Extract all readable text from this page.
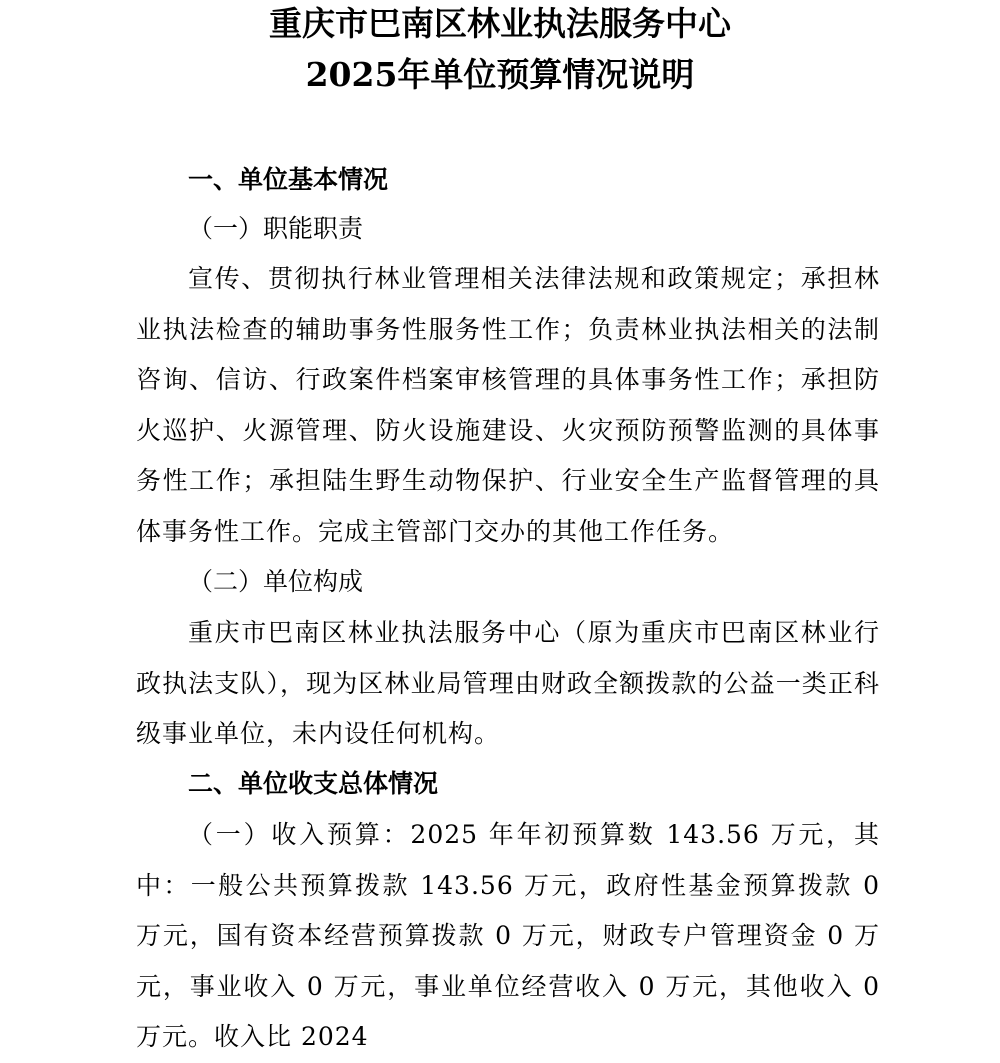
重庆市巴南区林业执法服务中心
2025年单位预算情况说明
一、单位基本情况
（一）职能职责
宣传、贯彻执行林业管理相关法律法规和政策规定；承担林业执法检查的辅助事务性服务性工作；负责林业执法相关的法制咨询、信访、行政案件档案审核管理的具体事务性工作；承担防火巡护、火源管理、防火设施建设、火灾预防预警监测的具体事务性工作；承担陆生野生动物保护、行业安全生产监督管理的具体事务性工作。完成主管部门交办的其他工作任务。
（二）单位构成
重庆市巴南区林业执法服务中心（原为重庆市巴南区林业行政执法支队），现为区林业局管理由财政全额拨款的公益一类正科级事业单位，未内设任何机构。
二、单位收支总体情况
（一）收入预算：2025 年年初预算数 143.56 万元，其中：一般公共预算拨款 143.56 万元，政府性基金预算拨款 0 万元，国有资本经营预算拨款 0 万元，财政专户管理资金 0 万元，事业收入 0 万元，事业单位经营收入 0 万元，其他收入 0 万元。收入比 2024
